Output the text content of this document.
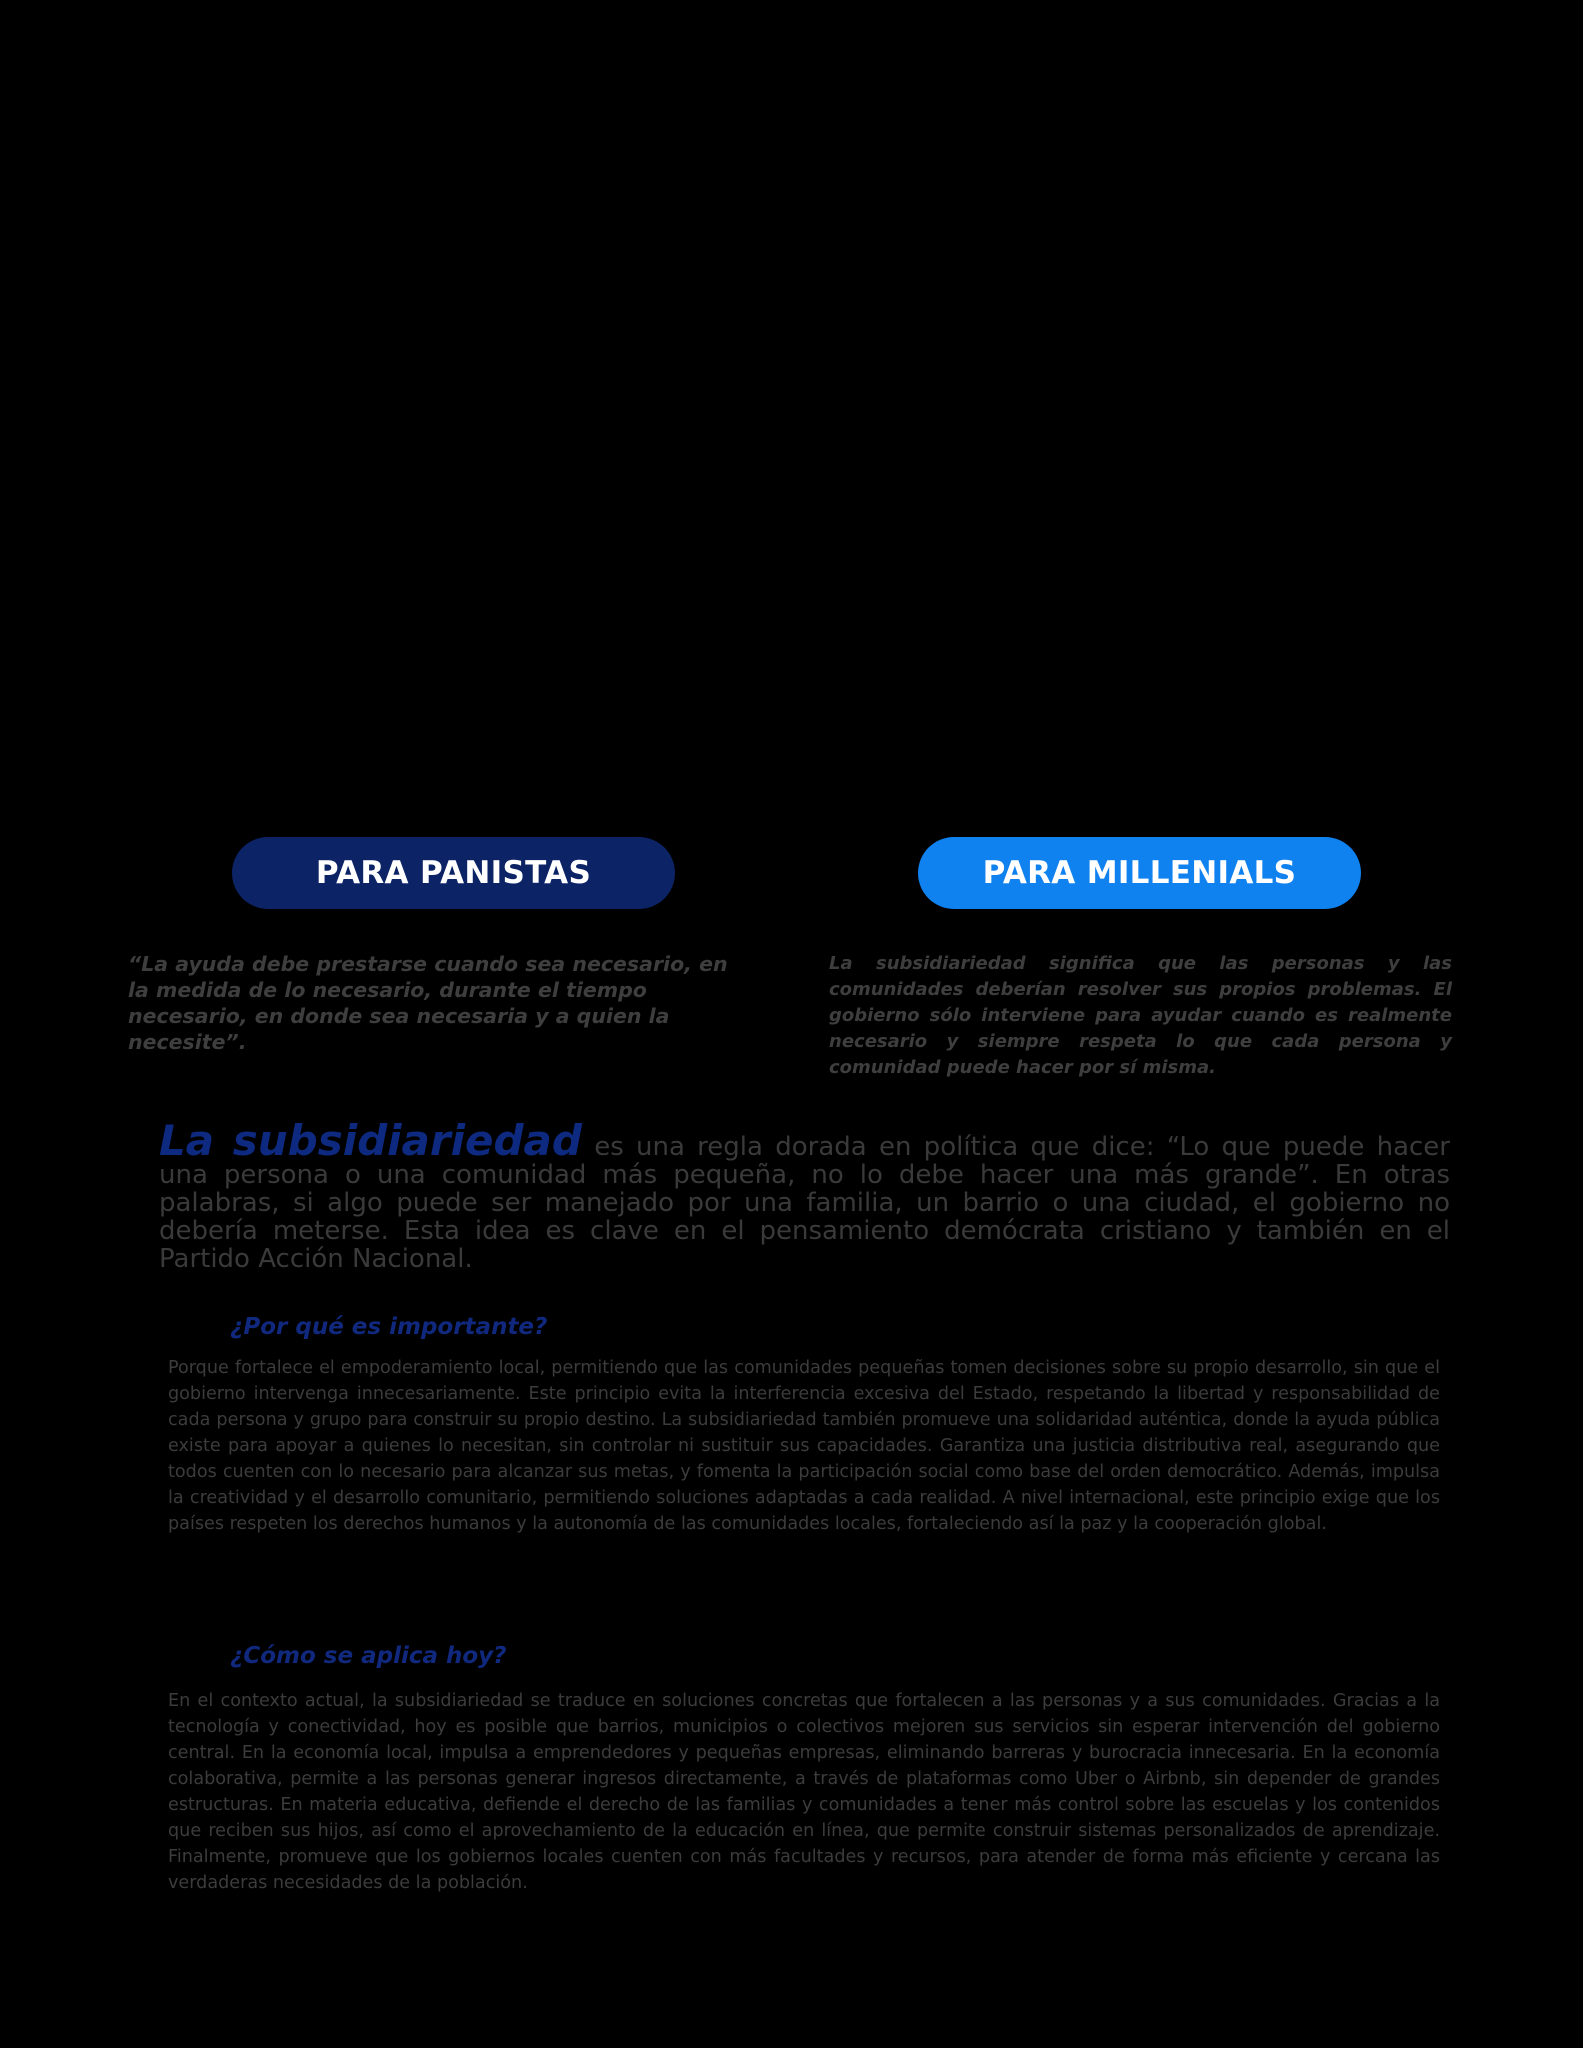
PARA PANISTAS	PARA MILLENIALS
“La ayuda debe prestarse cuando sea necesario, en la medida de lo necesario, durante el tiempo necesario, en donde sea necesaria y a quien la necesite”.
La subsidiariedad significa que las personas y las comunidades deberían resolver sus propios problemas. El gobierno sólo interviene para ayudar cuando es realmente necesario y siempre respeta lo que cada persona y comunidad puede hacer por sí misma.
La subsidiariedad es una regla dorada en política que dice: “Lo que puede hacer una persona o una comunidad más pequeña, no lo debe hacer una más grande”. En otras palabras, si algo puede ser manejado por una familia, un barrio o una ciudad, el gobierno no debería meterse. Esta idea es clave en el pensamiento demócrata cristiano y también en el Partido Acción Nacional.
¿Por qué es importante?
Porque fortalece el empoderamiento local, permitiendo que las comunidades pequeñas tomen decisiones sobre su propio desarrollo, sin que el gobierno intervenga innecesariamente. Este principio evita la interferencia excesiva del Estado, respetando la libertad y responsabilidad de cada persona y grupo para construir su propio destino. La subsidiariedad también promueve una solidaridad auténtica, donde la ayuda pública existe para apoyar a quienes lo necesitan, sin controlar ni sustituir sus capacidades. Garantiza una justicia distributiva real, asegurando que todos cuenten con lo necesario para alcanzar sus metas, y fomenta la participación social como base del orden democrático. Además, impulsa la creatividad y el desarrollo comunitario, permitiendo soluciones adaptadas a cada realidad. A nivel internacional, este principio exige que los países respeten los derechos humanos y la autonomía de las comunidades locales, fortaleciendo así la paz y la cooperación global.
¿Cómo se aplica hoy?
En el contexto actual, la subsidiariedad se traduce en soluciones concretas que fortalecen a las personas y a sus comunidades. Gracias a la tecnología y conectividad, hoy es posible que barrios, municipios o colectivos mejoren sus servicios sin esperar intervención del gobierno central. En la economía local, impulsa a emprendedores y pequeñas empresas, eliminando barreras y burocracia innecesaria. En la economía colaborativa, permite a las personas generar ingresos directamente, a través de plataformas como Uber o Airbnb, sin depender de grandes estructuras. En materia educativa, defiende el derecho de las familias y comunidades a tener más control sobre las escuelas y los contenidos que reciben sus hijos, así como el aprovechamiento de la educación en línea, que permite construir sistemas personalizados de aprendizaje. Finalmente, promueve que los gobiernos locales cuenten con más facultades y recursos, para atender de forma más eficiente y cercana las verdaderas necesidades de la población.
